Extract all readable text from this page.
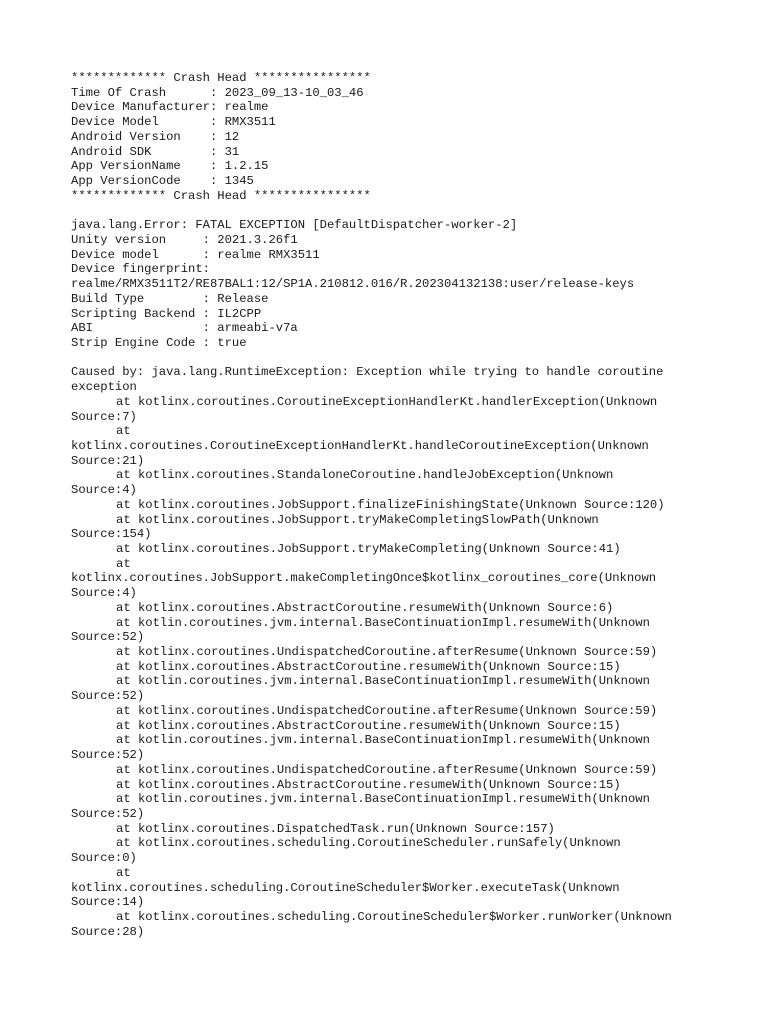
************* Crash Head ****************
Time Of Crash      : 2023_09_13-10_03_46
Device Manufacturer: realme
Device Model       : RMX3511
Android Version    : 12
Android SDK        : 31
App VersionName    : 1.2.15
App VersionCode    : 1345
************* Crash Head ****************
java.lang.Error: FATAL EXCEPTION [DefaultDispatcher-worker-2]
Unity version     : 2021.3.26f1
Device model      : realme RMX3511
Device fingerprint:
realme/RMX3511T2/RE87BAL1:12/SP1A.210812.016/R.202304132138:user/release-keys
Build Type        : Release
Scripting Backend : IL2CPP
ABI               : armeabi-v7a
Strip Engine Code : true
Caused by: java.lang.RuntimeException: Exception while trying to handle coroutine
exception
at kotlinx.coroutines.CoroutineExceptionHandlerKt.handlerException(Unknown
Source:7)
at
kotlinx.coroutines.CoroutineExceptionHandlerKt.handleCoroutineException(Unknown
Source:21)
at kotlinx.coroutines.StandaloneCoroutine.handleJobException(Unknown
Source:4)
at kotlinx.coroutines.JobSupport.finalizeFinishingState(Unknown Source:120)
at kotlinx.coroutines.JobSupport.tryMakeCompletingSlowPath(Unknown
Source:154)
at kotlinx.coroutines.JobSupport.tryMakeCompleting(Unknown Source:41)
at
kotlinx.coroutines.JobSupport.makeCompletingOnce$kotlinx_coroutines_core(Unknown
Source:4)
at kotlinx.coroutines.AbstractCoroutine.resumeWith(Unknown Source:6)
at kotlin.coroutines.jvm.internal.BaseContinuationImpl.resumeWith(Unknown
Source:52)
at kotlinx.coroutines.UndispatchedCoroutine.afterResume(Unknown Source:59)
at kotlinx.coroutines.AbstractCoroutine.resumeWith(Unknown Source:15)
at kotlin.coroutines.jvm.internal.BaseContinuationImpl.resumeWith(Unknown
Source:52)
at kotlinx.coroutines.UndispatchedCoroutine.afterResume(Unknown Source:59)
at kotlinx.coroutines.AbstractCoroutine.resumeWith(Unknown Source:15)
at kotlin.coroutines.jvm.internal.BaseContinuationImpl.resumeWith(Unknown
Source:52)
at kotlinx.coroutines.UndispatchedCoroutine.afterResume(Unknown Source:59)
at kotlinx.coroutines.AbstractCoroutine.resumeWith(Unknown Source:15)
at kotlin.coroutines.jvm.internal.BaseContinuationImpl.resumeWith(Unknown
Source:52)
at kotlinx.coroutines.DispatchedTask.run(Unknown Source:157)
at kotlinx.coroutines.scheduling.CoroutineScheduler.runSafely(Unknown
Source:0)
at
kotlinx.coroutines.scheduling.CoroutineScheduler$Worker.executeTask(Unknown
Source:14)
at kotlinx.coroutines.scheduling.CoroutineScheduler$Worker.runWorker(Unknown
Source:28)
